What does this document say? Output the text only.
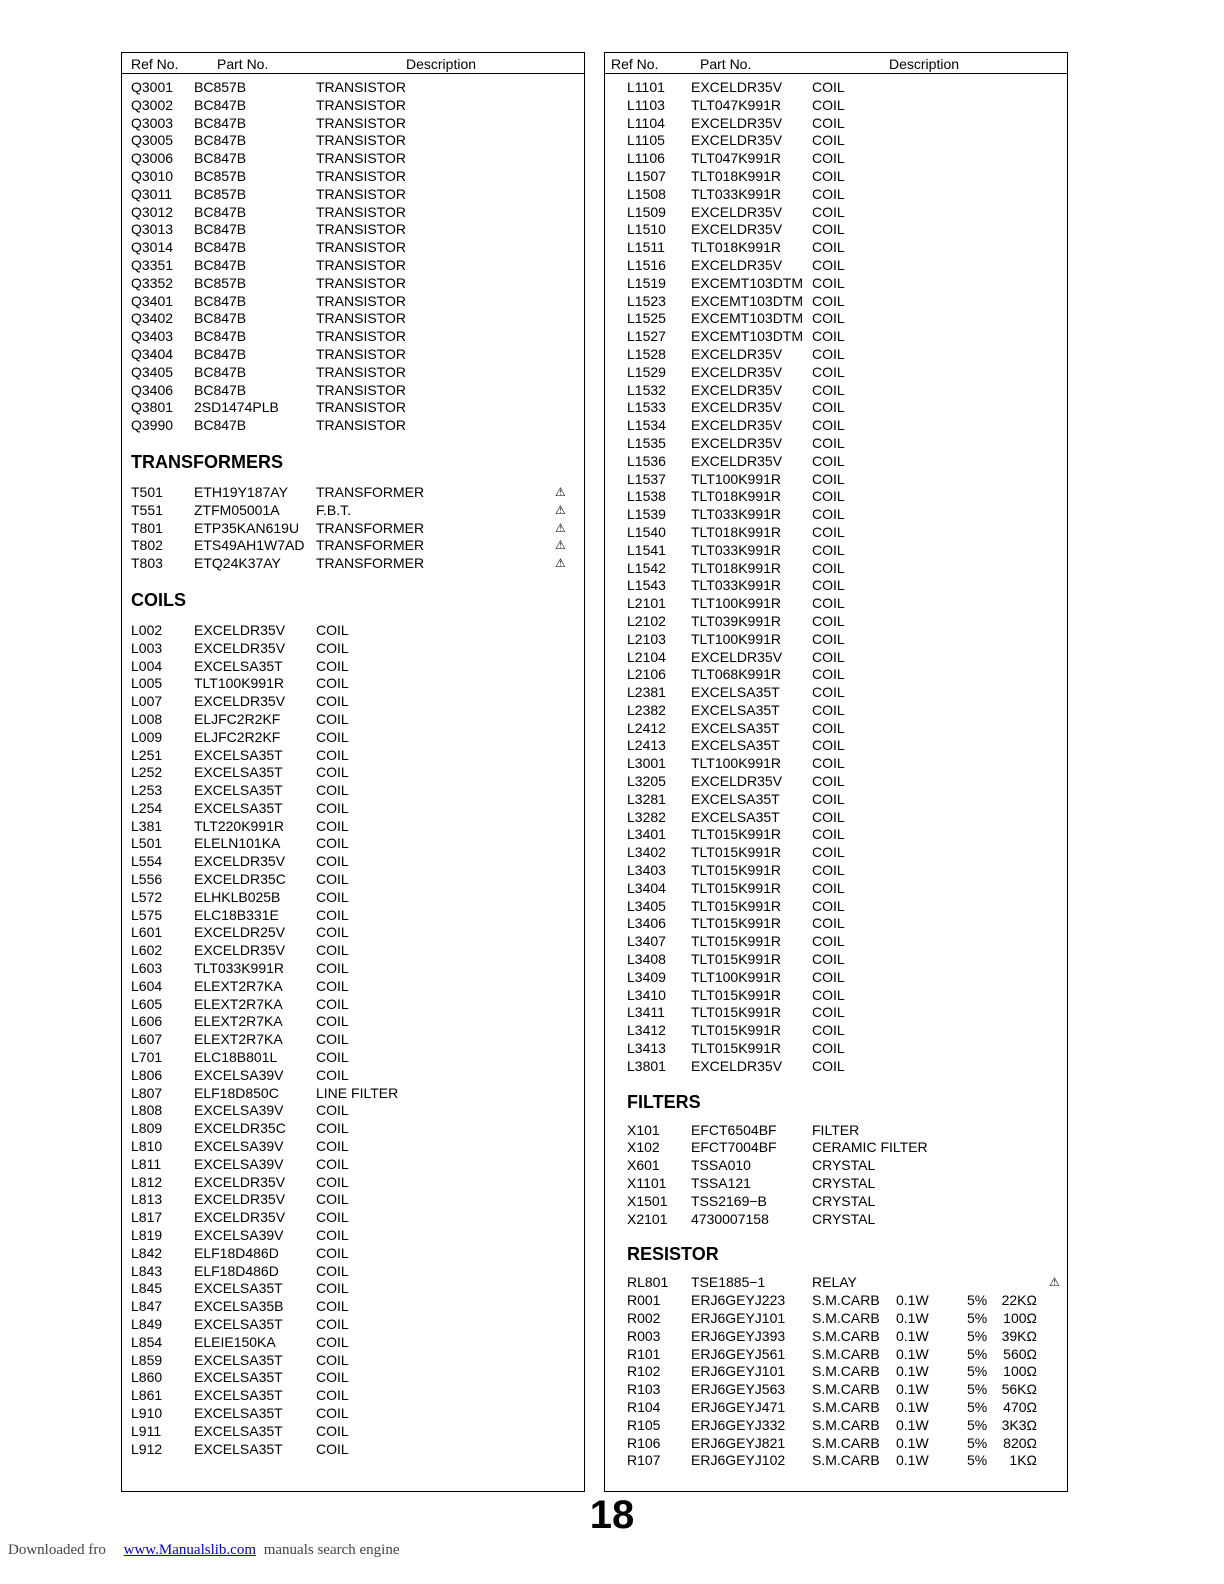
Ref No.	Part No.	Description
Q3001 BC857B	TRANSISTOR
Q3002 BC847B	TRANSISTOR
Q3003 BC847B	TRANSISTOR
Q3005 BC847B	TRANSISTOR
Q3006 BC847B	TRANSISTOR
Q3010 BC857B	TRANSISTOR
Q3011 BC857B	TRANSISTOR
Q3012 BC847B	TRANSISTOR
Q3013 BC847B	TRANSISTOR
Q3014 BC847B	TRANSISTOR
Q3351 BC847B	TRANSISTOR
Q3352 BC857B	TRANSISTOR
Q3401 BC847B	TRANSISTOR
Q3402 BC847B	TRANSISTOR
Q3403 BC847B	TRANSISTOR
Q3404 BC847B	TRANSISTOR
Q3405 BC847B	TRANSISTOR
Q3406 BC847B	TRANSISTOR
Q3801 2SD1474PLB	TRANSISTOR
Q3990 BC847B	TRANSISTOR
TRANSFORMERS
T501 ETH19Y187AY TRANSFORMER	⚠
T551 ZTFM05001A	F.B.T.	⚠
T801 ETP35KAN619U TRANSFORMER	⚠
T802 ETS49AH1W7AD TRANSFORMER	⚠
T803 ETQ24K37AY	TRANSFORMER	⚠
COILS
L002 EXCELDR35V COIL
L003 EXCELDR35V COIL
L004 EXCELSA35T COIL
L005 TLT100K991R COIL
L007 EXCELDR35V COIL
L008 ELJFC2R2KF	COIL
L009 ELJFC2R2KF	COIL
L251 EXCELSA35T COIL
L252 EXCELSA35T COIL
L253 EXCELSA35T COIL
L254 EXCELSA35T COIL
L381 TLT220K991R COIL
L501 ELELN101KA	COIL
L554 EXCELDR35V COIL
L556 EXCELDR35C COIL
L572 ELHKLB025B	COIL
L575 ELC18B331E	COIL
L601 EXCELDR25V COIL
L602 EXCELDR35V COIL
L603 TLT033K991R COIL
L604 ELEXT2R7KA COIL
L605 ELEXT2R7KA COIL
L606 ELEXT2R7KA COIL
L607 ELEXT2R7KA COIL
L701 ELC18B801L	COIL
L806 EXCELSA39V COIL
L807 ELF18D850C	LINE FILTER
L808 EXCELSA39V COIL
L809 EXCELDR35C COIL
L810 EXCELSA39V COIL
L811 EXCELSA39V COIL
L812 EXCELDR35V COIL
L813 EXCELDR35V COIL
L817 EXCELDR35V COIL
L819 EXCELSA39V COIL
L842 ELF18D486D	COIL
L843 ELF18D486D	COIL
L845 EXCELSA35T COIL
L847 EXCELSA35B COIL
L849 EXCELSA35T COIL
L854 ELEIE150KA	COIL
L859 EXCELSA35T COIL
L860 EXCELSA35T COIL
L861 EXCELSA35T COIL
L910 EXCELSA35T COIL
L911 EXCELSA35T COIL
L912 EXCELSA35T COIL
Ref No.	Part No.	Description
L1101 EXCELDR35V COIL
L1103 TLT047K991R COIL
L1104 EXCELDR35V COIL
L1105 EXCELDR35V COIL
L1106 TLT047K991R COIL
L1507 TLT018K991R COIL
L1508 TLT033K991R COIL
L1509 EXCELDR35V COIL
L1510 EXCELDR35V COIL
L1511 TLT018K991R COIL
L1516 EXCELDR35V COIL
L1519 EXCEMT103DTM COIL
L1523 EXCEMT103DTM COIL
L1525 EXCEMT103DTM COIL
L1527 EXCEMT103DTM COIL
L1528 EXCELDR35V COIL
L1529 EXCELDR35V COIL
L1532 EXCELDR35V COIL
L1533 EXCELDR35V COIL
L1534 EXCELDR35V COIL
L1535 EXCELDR35V COIL
L1536 EXCELDR35V COIL
L1537 TLT100K991R COIL
L1538 TLT018K991R COIL
L1539 TLT033K991R COIL
L1540 TLT018K991R COIL
L1541 TLT033K991R COIL
L1542 TLT018K991R COIL
L1543 TLT033K991R COIL
L2101 TLT100K991R COIL
L2102 TLT039K991R COIL
L2103 TLT100K991R COIL
L2104 EXCELDR35V COIL
L2106 TLT068K991R COIL
L2381 EXCELSA35T COIL
L2382 EXCELSA35T COIL
L2412 EXCELSA35T COIL
L2413 EXCELSA35T COIL
L3001 TLT100K991R COIL
L3205 EXCELDR35V COIL
L3281 EXCELSA35T COIL
L3282 EXCELSA35T COIL
L3401 TLT015K991R COIL
L3402 TLT015K991R COIL
L3403 TLT015K991R COIL
L3404 TLT015K991R COIL
L3405 TLT015K991R COIL
L3406 TLT015K991R COIL
L3407 TLT015K991R COIL
L3408 TLT015K991R COIL
L3409 TLT100K991R COIL
L3410 TLT015K991R COIL
L3411 TLT015K991R COIL
L3412 TLT015K991R COIL
L3413 TLT015K991R COIL
L3801 EXCELDR35V COIL
FILTERS
X101 EFCT6504BF	FILTER
X102 EFCT7004BF	CERAMIC FILTER
X601 TSSA010	CRYSTAL
X1101 TSSA121	CRYSTAL
X1501 TSS2169−B	CRYSTAL
X2101 4730007158	CRYSTAL
RESISTOR
RL801 TSE1885−1	RELAY	⚠
R001 ERJ6GEYJ223 S.M.CARB 0.1W	5%	22KΩ
R002 ERJ6GEYJ101 S.M.CARB 0.1W	5%	100Ω
R003 ERJ6GEYJ393 S.M.CARB 0.1W	5%	39KΩ
R101 ERJ6GEYJ561 S.M.CARB 0.1W	5%	560Ω
R102 ERJ6GEYJ101 S.M.CARB 0.1W	5%	100Ω
R103 ERJ6GEYJ563 S.M.CARB 0.1W	5%	56KΩ
R104 ERJ6GEYJ471 S.M.CARB 0.1W	5%	470Ω
R105 ERJ6GEYJ332 S.M.CARB 0.1W	5%	3K3Ω
R106 ERJ6GEYJ821 S.M.CARB 0.1W	5%	820Ω
R107 ERJ6GEYJ102 S.M.CARB 0.1W	5%	1KΩ
18
Downloaded fro www.Manualslib.com manuals search engine
